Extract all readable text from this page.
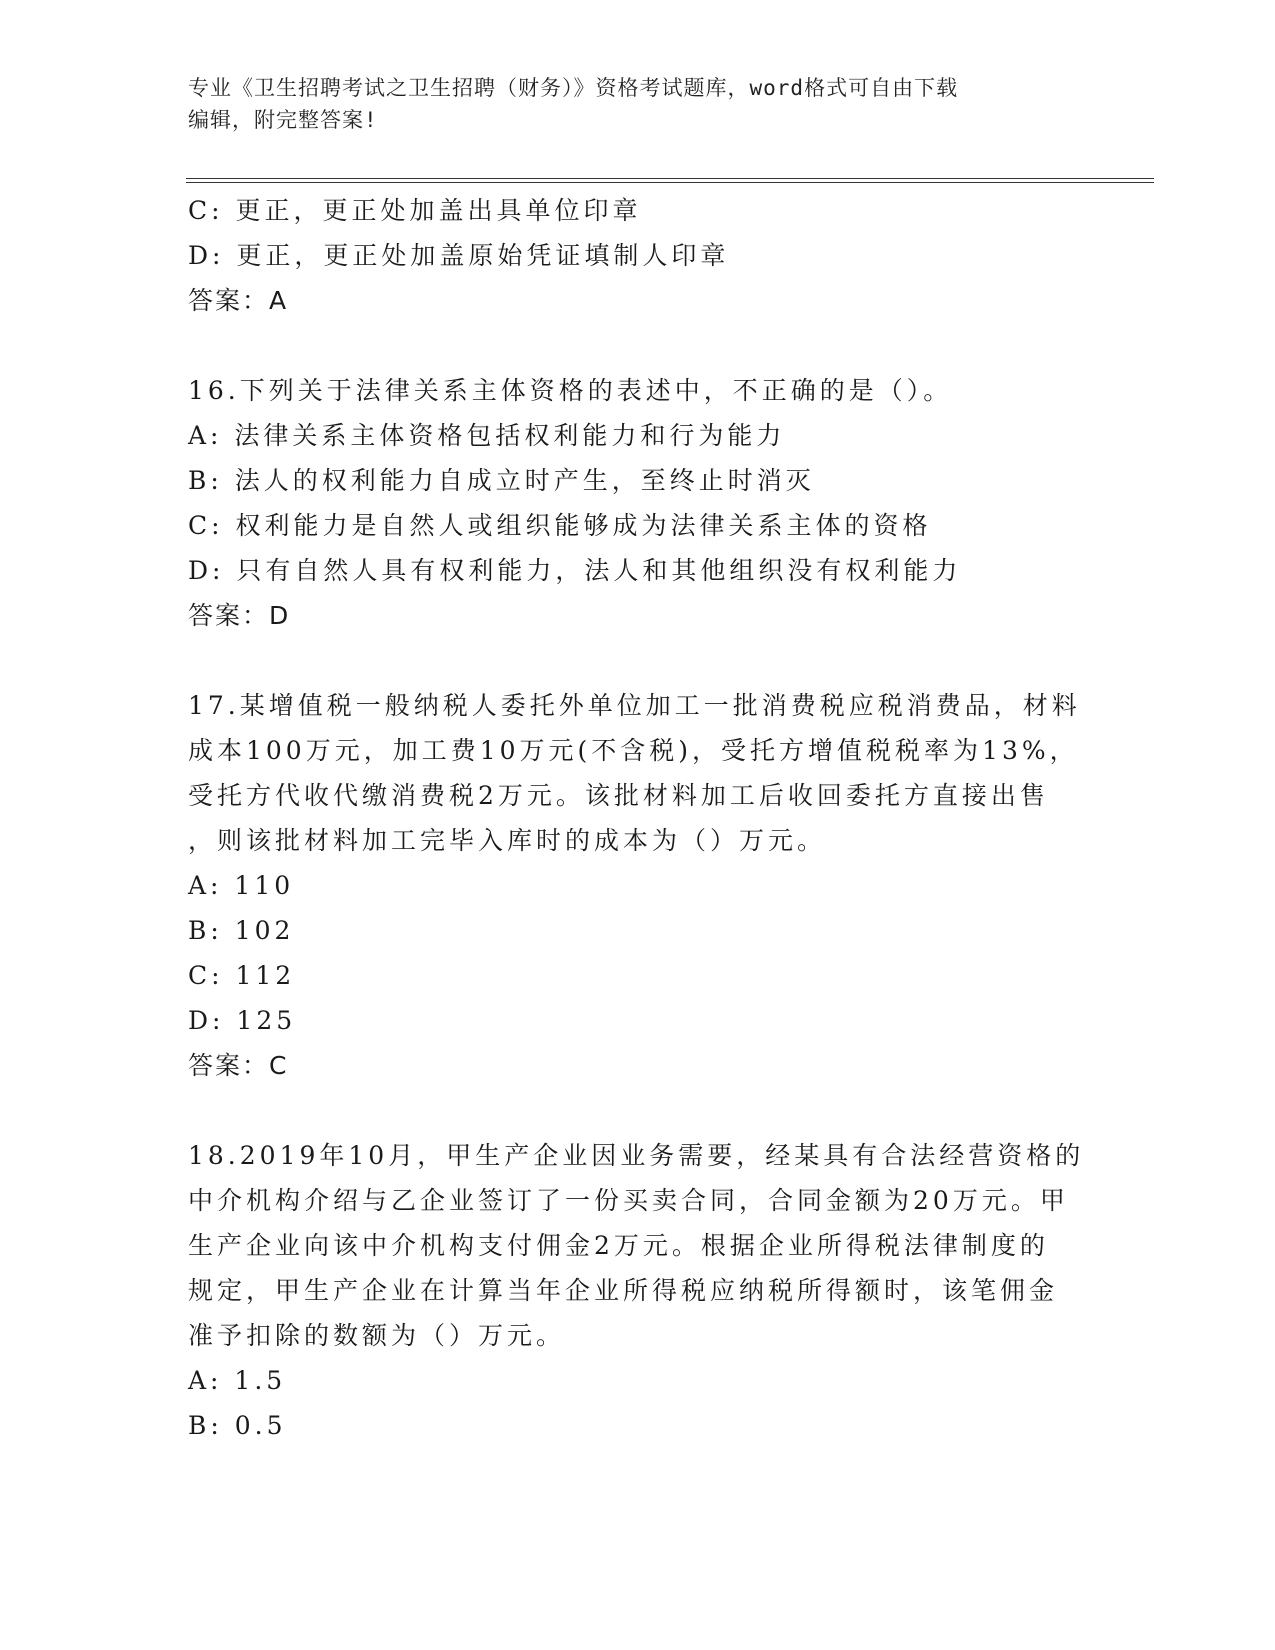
专业《卫生招聘考试之卫生招聘（财务）》资格考试题库，word格式可自由下载
编辑，附完整答案!
C: 更正，更正处加盖出具单位印章
D: 更正，更正处加盖原始凭证填制人印章
答案：A
16.下列关于法律关系主体资格的表述中，不正确的是（）。
A: 法律关系主体资格包括权利能力和行为能力
B: 法人的权利能力自成立时产生，至终止时消灭
C: 权利能力是自然人或组织能够成为法律关系主体的资格
D: 只有自然人具有权利能力，法人和其他组织没有权利能力
答案：D
17.某增值税一般纳税人委托外单位加工一批消费税应税消费品，材料
成本100万元，加工费10万元(不含税)，受托方增值税税率为13%，
受托方代收代缴消费税2万元。该批材料加工后收回委托方直接出售
，则该批材料加工完毕入库时的成本为（）万元。
A: 110
B: 102
C: 112
D: 125
答案：C
18.2019年10月，甲生产企业因业务需要，经某具有合法经营资格的
中介机构介绍与乙企业签订了一份买卖合同，合同金额为20万元。甲
生产企业向该中介机构支付佣金2万元。根据企业所得税法律制度的
规定，甲生产企业在计算当年企业所得税应纳税所得额时，该笔佣金
准予扣除的数额为（）万元。
A: 1.5
B: 0.5
